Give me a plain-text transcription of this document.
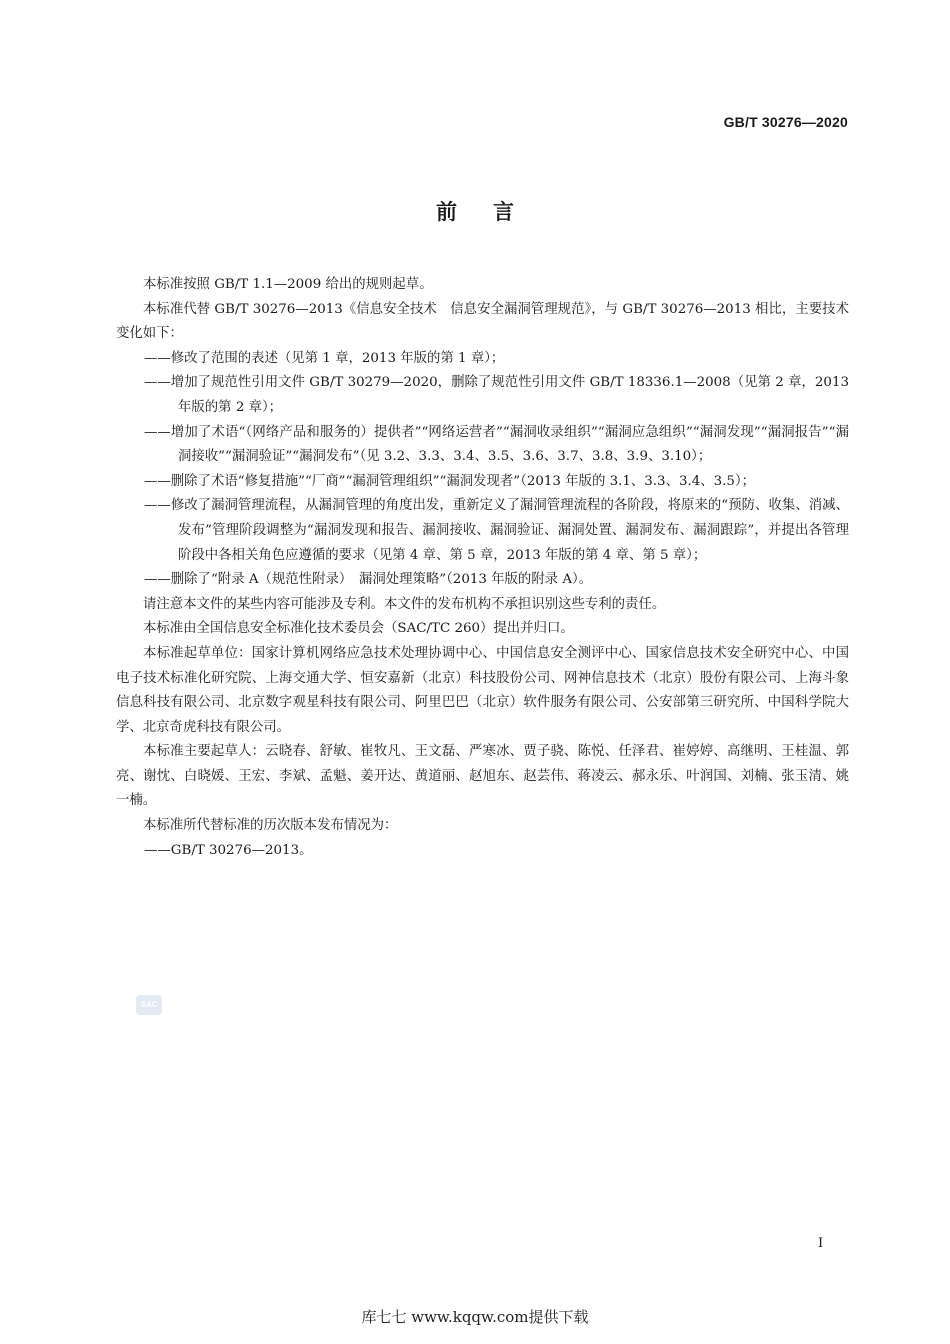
GB/T 30276—2020
前言

本标准按照 GB/T 1.1—2009 给出的规则起草。

本标准代替 GB/T 30276—2013《信息安全技术　信息安全漏洞管理规范》，与 GB/T 30276—2013 相比，主要技术变化如下：

——修改了范围的表述（见第 1 章，2013 年版的第 1 章）；
——增加了规范性引用文件 GB/T 30279—2020，删除了规范性引用文件 GB/T 18336.1—2008（见第 2 章，2013 年版的第 2 章）；
——增加了术语“（网络产品和服务的）提供者”“网络运营者”“漏洞收录组织”“漏洞应急组织”“漏洞发现”“漏洞报告”“漏洞接收”“漏洞验证”“漏洞发布”（见 3.2、3.3、3.4、3.5、3.6、3.7、3.8、3.9、3.10）；
——删除了术语“修复措施”“厂商”“漏洞管理组织”“漏洞发现者”（2013 年版的 3.1、3.3、3.4、3.5）；
——修改了漏洞管理流程，从漏洞管理的角度出发，重新定义了漏洞管理流程的各阶段，将原来的“预防、收集、消减、发布”管理阶段调整为“漏洞发现和报告、漏洞接收、漏洞验证、漏洞处置、漏洞发布、漏洞跟踪”，并提出各管理阶段中各相关角色应遵循的要求（见第 4 章、第 5 章，2013 年版的第 4 章、第 5 章）；
——删除了“附录 A（规范性附录）　漏洞处理策略”（2013 年版的附录 A）。

请注意本文件的某些内容可能涉及专利。本文件的发布机构不承担识别这些专利的责任。

本标准由全国信息安全标准化技术委员会（SAC/TC 260）提出并归口。

本标准起草单位：国家计算机网络应急技术处理协调中心、中国信息安全测评中心、国家信息技术安全研究中心、中国电子技术标准化研究院、上海交通大学、恒安嘉新（北京）科技股份公司、网神信息技术（北京）股份有限公司、上海斗象信息科技有限公司、北京数字观星科技有限公司、阿里巴巴（北京）软件服务有限公司、公安部第三研究所、中国科学院大学、北京奇虎科技有限公司。

本标准主要起草人：云晓春、舒敏、崔牧凡、王文磊、严寒冰、贾子骁、陈悦、任泽君、崔婷婷、高继明、王桂温、郭亮、谢忱、白晓媛、王宏、李斌、孟魁、姜开达、黄道丽、赵旭东、赵芸伟、蒋凌云、郝永乐、叶润国、刘楠、张玉清、姚一楠。

本标准所代替标准的历次版本发布情况为：

——GB/T 30276—2013。
SAC
I
库七七 www.kqqw.com提供下载
